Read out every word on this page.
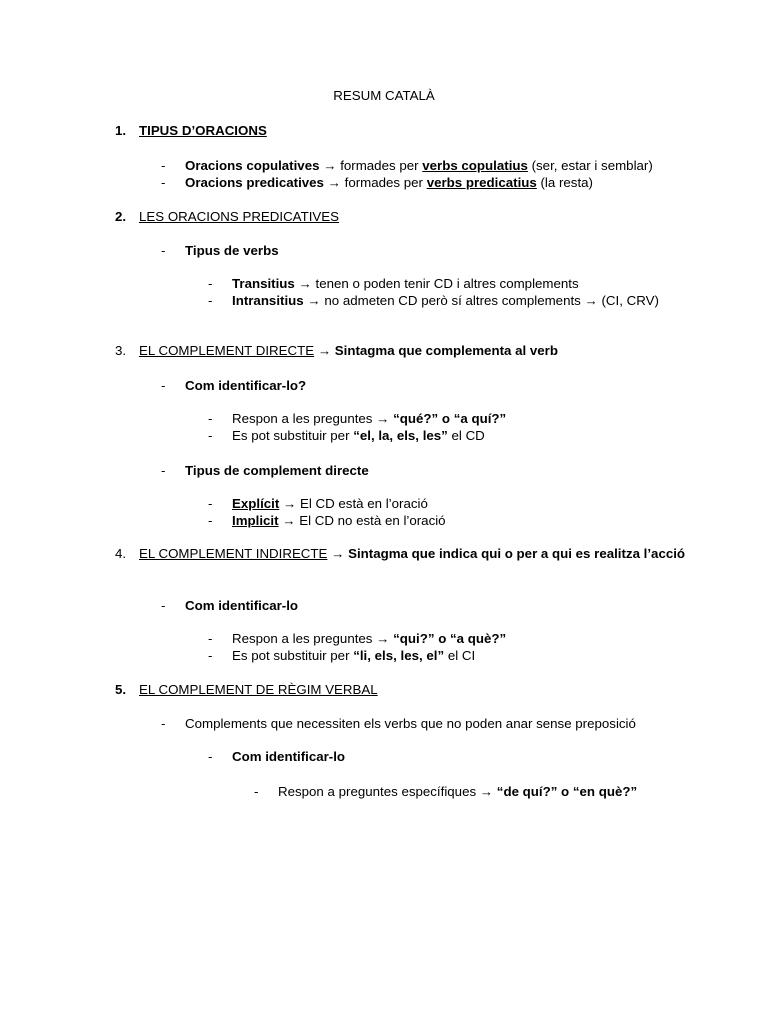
RESUM CATALÀ
1. TIPUS D’ORACIONS
- Oracions copulatives → formades per verbs copulatius (ser, estar i semblar)
- Oracions predicatives → formades per verbs predicatius (la resta)
2. LES ORACIONS PREDICATIVES
- Tipus de verbs
- Transitius → tenen o poden tenir CD i altres complements
- Intransitius → no admeten CD però sí altres complements → (CI, CRV)
3. EL COMPLEMENT DIRECTE → Sintagma que complementa al verb
- Com identificar-lo?
- Respon a les preguntes → “qué?” o “a quí?”
- Es pot substituir per “el, la, els, les” el CD
- Tipus de complement directe
- Explícit → El CD està en l’oració
- Implicit → El CD no està en l’oració
4. EL COMPLEMENT INDIRECTE → Sintagma que indica qui o per a qui es realitza l’acció
- Com identificar-lo
- Respon a les preguntes → “qui?” o “a què?”
- Es pot substituir per “li, els, les, el” el CI
5. EL COMPLEMENT DE RÈGIM VERBAL
- Complements que necessiten els verbs que no poden anar sense preposició
- Com identificar-lo
- Respon a preguntes específiques → “de quí?” o “en què?”
